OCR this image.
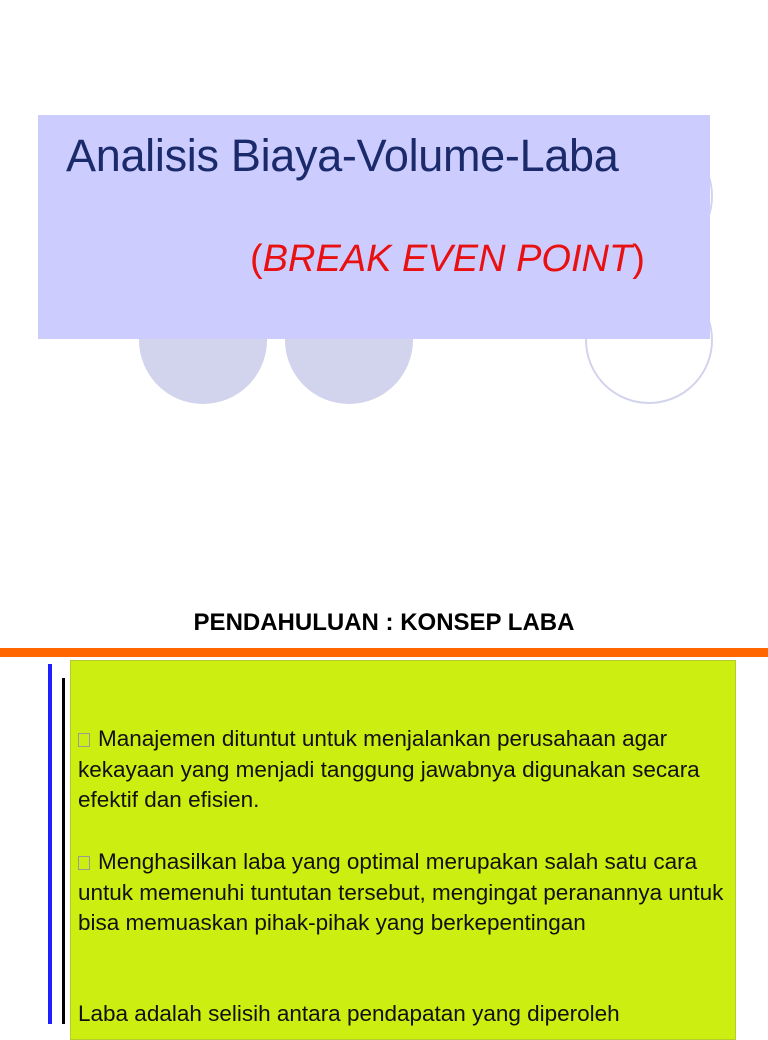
Analisis Biaya-Volume-Laba
(BREAK EVEN POINT)
PENDAHULUAN : KONSEP LABA

Manajemen dituntut untuk menjalankan perusahaan agar kekayaan yang menjadi tanggung jawabnya digunakan secara efektif dan efisien.

Menghasilkan laba yang optimal merupakan salah satu cara untuk memenuhi tuntutan tersebut, mengingat peranannya untuk bisa memuaskan pihak-pihak yang berkepentingan

Laba adalah selisih antara pendapatan yang diperoleh
